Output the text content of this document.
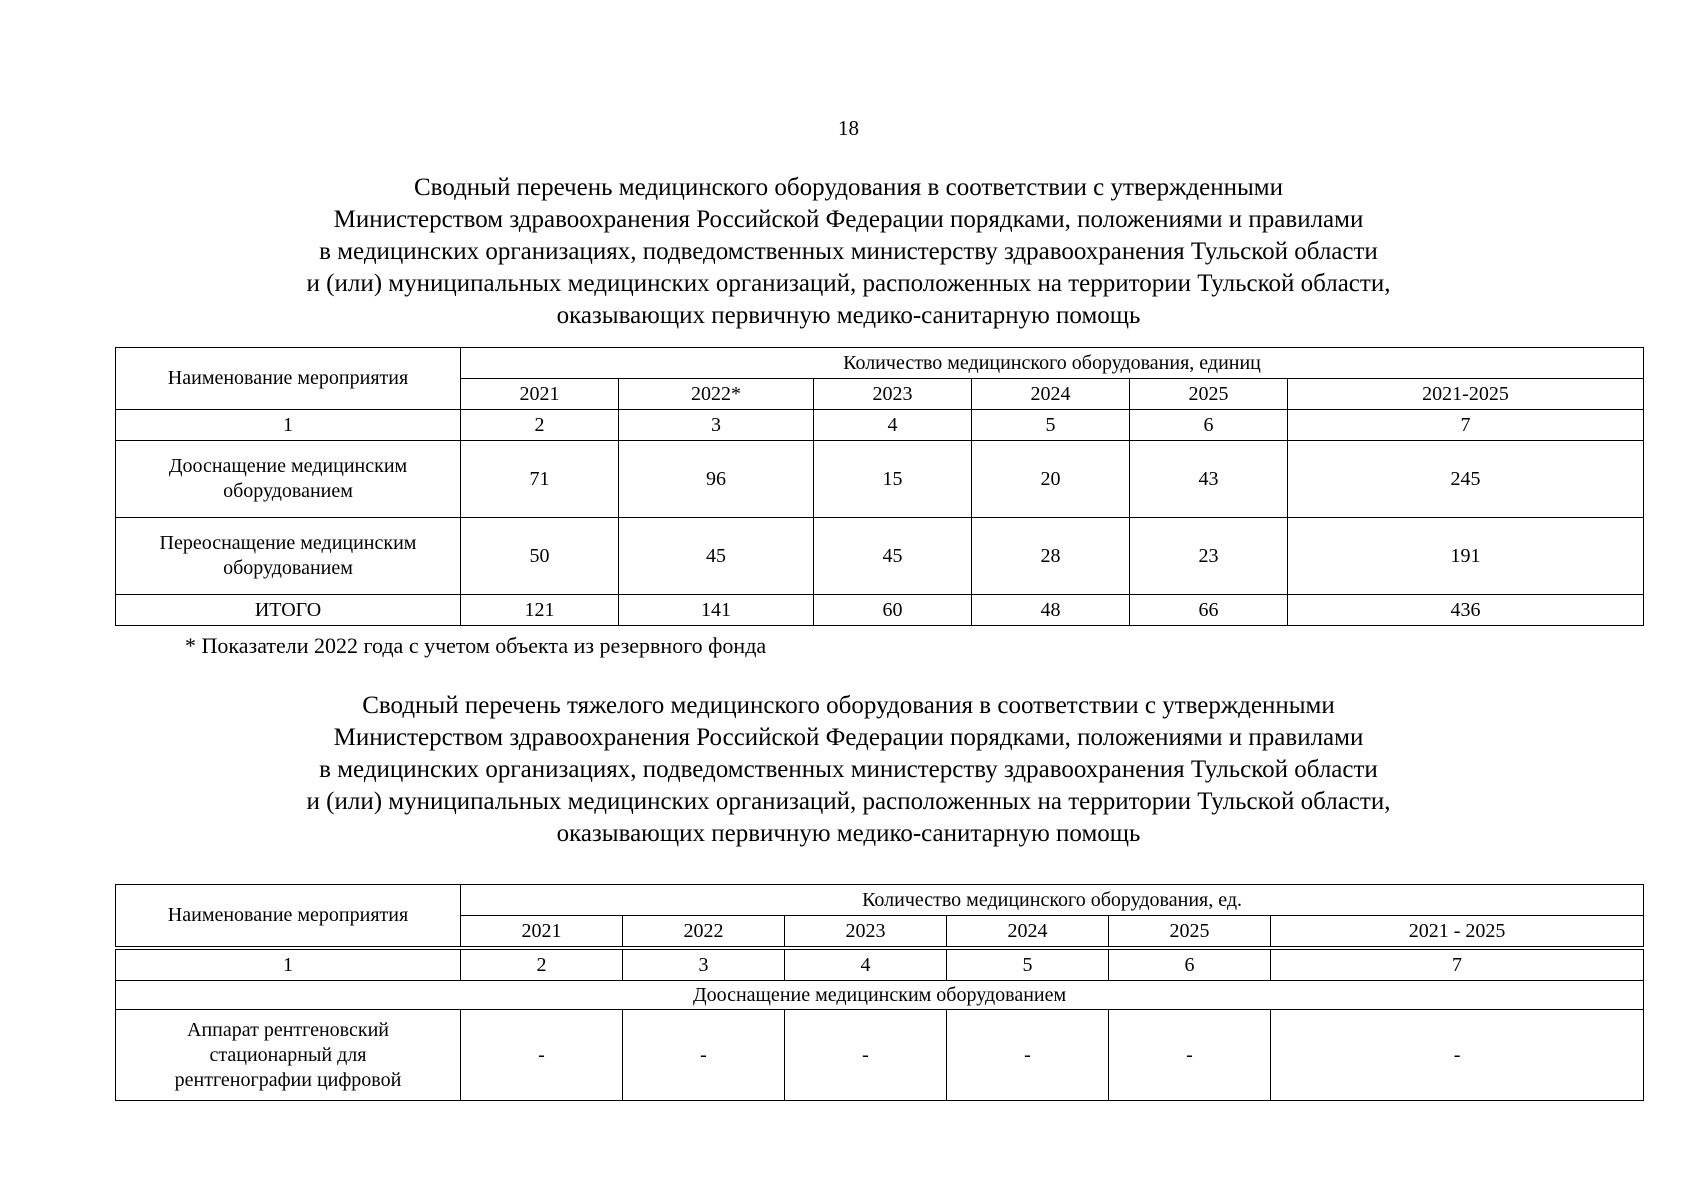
18
Сводный перечень медицинского оборудования в соответствии с утвержденными
Министерством здравоохранения Российской Федерации порядками, положениями и правилами
в медицинских организациях, подведомственных министерству здравоохранения Тульской области
и (или) муниципальных медицинских организаций, расположенных на территории Тульской области,
оказывающих первичную медико-санитарную помощь
Наименование мероприятия	Количество медицинского оборудования, единиц					
	2021	2022*	2023	2024	2025	2021-2025
1	2	3	4	5	6	7

Дооснащение медицинским
оборудованием	71	96	15	20	43	245

Переоснащение медицинским
оборудованием	50	45	45	28	23	191
ИТОГО	121	141	60	48	66	436
* Показатели 2022 года с учетом объекта из резервного фонда
Сводный перечень тяжелого медицинского оборудования в соответствии с утвержденными
Министерством здравоохранения Российской Федерации порядками, положениями и правилами
в медицинских организациях, подведомственных министерству здравоохранения Тульской области
и (или) муниципальных медицинских организаций, расположенных на территории Тульской области,
оказывающих первичную медико-санитарную помощь
Наименование мероприятия	Количество медицинского оборудования, ед.					
	2021	2022	2023	2024	2025	2021 - 2025
1	2	3	4	5	6	7
Дооснащение медицинским оборудованием						

Аппарат рентгеновский
стационарный для
рентгенографии цифровой	-	-	-	-	-	-
